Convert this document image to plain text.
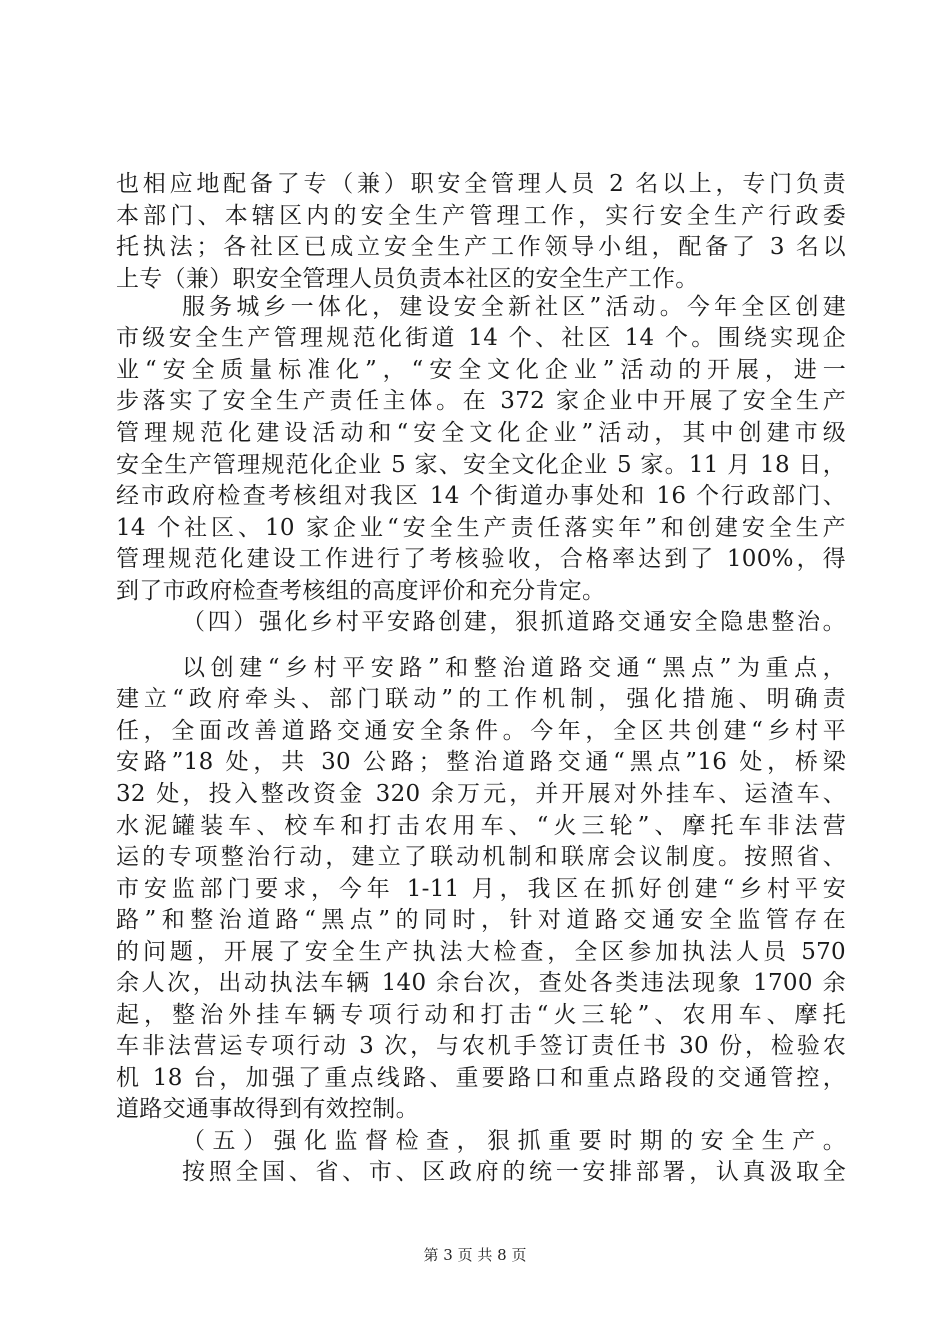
也相应地配备了专（兼）职安全管理人员 2 名以上，专门负责
本部门、本辖区内的安全生产管理工作，实行安全生产行政委
托执法；各社区已成立安全生产工作领导小组，配备了 3 名以
上专（兼）职安全管理人员负责本社区的安全生产工作。
服务城乡一体化，建设安全新社区”活动。今年全区创建
市级安全生产管理规范化街道 14 个、社区 14 个。围绕实现企
业“安全质量标准化”，“安全文化企业”活动的开展，进一
步落实了安全生产责任主体。在 372 家企业中开展了安全生产
管理规范化建设活动和“安全文化企业”活动，其中创建市级
安全生产管理规范化企业 5 家、安全文化企业 5 家。11 月 18 日，
经市政府检查考核组对我区 14 个街道办事处和 16 个行政部门、
14 个社区、10 家企业“安全生产责任落实年”和创建安全生产
管理规范化建设工作进行了考核验收，合格率达到了 100%，得
到了市政府检查考核组的高度评价和充分肯定。
（四）强化乡村平安路创建，狠抓道路交通安全隐患整治。
以创建“乡村平安路”和整治道路交通“黑点”为重点，
建立“政府牵头、部门联动”的工作机制，强化措施、明确责
任，全面改善道路交通安全条件。今年，全区共创建“乡村平
安路”18 处，共 30 公路；整治道路交通“黑点”16 处，桥梁
32 处，投入整改资金 320 余万元，并开展对外挂车、运渣车、
水泥罐装车、校车和打击农用车、“火三轮”、摩托车非法营
运的专项整治行动，建立了联动机制和联席会议制度。按照省、
市安监部门要求，今年 1-11 月，我区在抓好创建“乡村平安
路”和整治道路“黑点”的同时，针对道路交通安全监管存在
的问题，开展了安全生产执法大检查，全区参加执法人员 570
余人次，出动执法车辆 140 余台次，查处各类违法现象 1700 余
起，整治外挂车辆专项行动和打击“火三轮”、农用车、摩托
车非法营运专项行动 3 次，与农机手签订责任书 30 份，检验农
机 18 台，加强了重点线路、重要路口和重点路段的交通管控，
道路交通事故得到有效控制。
（五）强化监督检查，狠抓重要时期的安全生产。
按照全国、省、市、区政府的统一安排部署，认真汲取全
第 3 页 共 8 页
